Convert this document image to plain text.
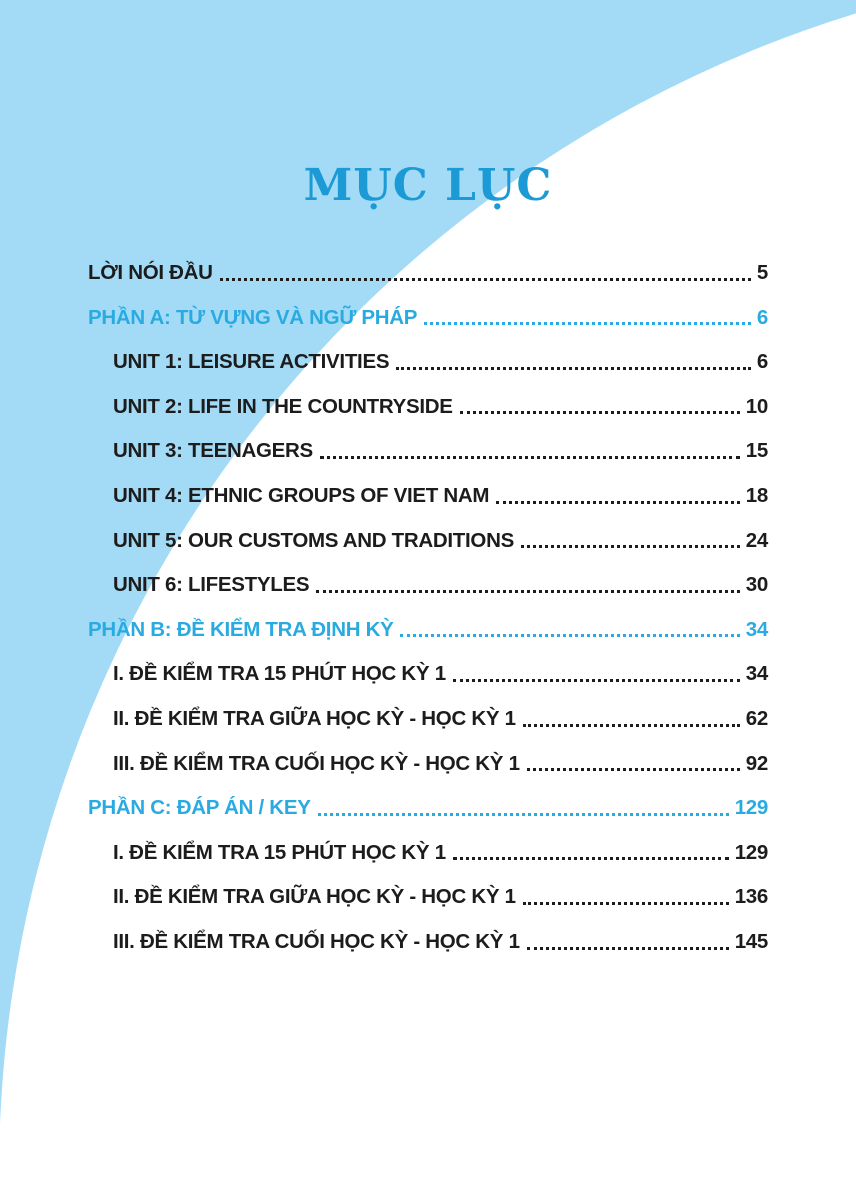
MỤC LỤC
LỜI NÓI ĐẦU	5
PHẦN A: TỪ VỰNG VÀ NGỮ PHÁP	6
UNIT 1: LEISURE ACTIVITIES	6
UNIT 2: LIFE IN THE COUNTRYSIDE	10
UNIT 3: TEENAGERS	15
UNIT 4: ETHNIC GROUPS OF VIET NAM	18
UNIT 5: OUR CUSTOMS AND TRADITIONS	24
UNIT 6: LIFESTYLES	30
PHẦN B: ĐỀ KIỂM TRA ĐỊNH KỲ	34
I. ĐỀ KIỂM TRA 15 PHÚT HỌC KỲ 1	34
II. ĐỀ KIỂM TRA GIỮA HỌC KỲ - HỌC KỲ 1	62
III. ĐỀ KIỂM TRA CUỐI HỌC KỲ - HỌC KỲ 1	92
PHẦN C: ĐÁP ÁN / KEY	129
I. ĐỀ KIỂM TRA 15 PHÚT HỌC KỲ 1	129
II. ĐỀ KIỂM TRA GIỮA HỌC KỲ - HỌC KỲ 1	136
III. ĐỀ KIỂM TRA CUỐI HỌC KỲ - HỌC KỲ 1	145
